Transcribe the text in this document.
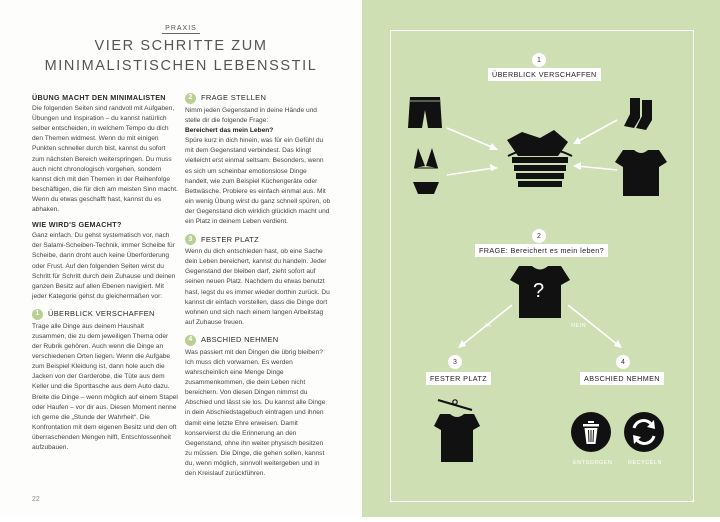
PRAXIS
VIER SCHRITTE ZUM
MINIMALISTISCHEN LEBENSSTIL
ÜBUNG MACHT DEN MINIMALISTEN

Die folgenden Seiten sind randvoll mit Aufgaben, Übungen und Inspiration – du kannst natürlich selber entscheiden, in welchem Tempo du dich den Themen widmest. Wenn du mit einigen Punkten schneller durch bist, kannst du sofort zum nächsten Bereich weiterspringen. Du muss auch nicht chronologisch vorgehen, sondern kannst dich mit den Themen in der Reihenfolge beschäftigen, die für dich am meisten Sinn macht. Wenn du etwas geschafft hast, kannst du es abhaken.

WIE WIRD'S GEMACHT?

Ganz einfach. Du gehst systematisch vor, nach der Salami-Scheiben-Technik, immer Scheibe für Scheibe, dann droht auch keine Überforderung oder Frust. Auf den folgenden Seiten wirst du Schritt für Schritt durch dein Zuhause und deinen ganzen Besitz auf allen Ebenen navigiert. Mit jeder Kategorie gehst du gleichermaßen vor:

1	ÜBERBLICK VERSCHAFFEN

Trage alle Dinge aus deinem Haushalt zusammen, die zu dem jeweiligen Thema oder der Rubrik gehören. Auch wenn die Dinge an verschiedenen Orten liegen. Wenn die Aufgabe zum Beispiel Kleidung ist, dann hole auch die Jacken von der Garderobe, die Tüte aus dem Keller und die Sporttasche aus dem Auto dazu. Breite die Dinge – wenn möglich auf einem Stapel oder Haufen – vor dir aus. Diesen Moment nenne ich gerne die „Stunde der Wahrheit“. Die Konfrontation mit dem eigenen Besitz und den oft überraschenden Mengen hilft, Entschlossenheit aufzubauen.

2	FRAGE STELLEN

Nimm jeden Gegenstand in deine Hände und stelle dir die folgende Frage:

Bereichert das mein Leben?

Spüre kurz in dich hinein, was für ein Gefühl du mit dem Gegenstand verbindest. Das klingt vielleicht erst einmal seltsam. Besonders, wenn es sich um scheinbar emotionslose Dinge handelt, wie zum Beispiel Küchengeräte oder Bettwäsche. Probiere es einfach einmal aus. Mit ein wenig Übung wirst du ganz schnell spüren, ob der Gegenstand dich wirklich glücklich macht und ein Platz in deinem Leben verdient.

3	FESTER PLATZ

Wenn du dich entschieden hast, ob eine Sache dein Leben bereichert, kannst du handeln. Jeder Gegenstand der bleiben darf, zieht sofort auf seinen neuen Platz. Nachdem du etwas benutzt hast, legst du es immer wieder dorthin zurück. Du kannst dir einfach vorstellen, dass die Dinge dort wohnen und sich nach einem langen Arbeitstag auf Zuhause freuen.

4	ABSCHIED NEHMEN

Was passiert mit den Dingen die übrig bleiben? Ich muss dich vorwarnen. Es werden wahrscheinlich eine Menge Dinge zusammenkommen, die dein Leben nicht bereichern. Von diesen Dingen nimmst du Abschied und lässt sie los. Du kannst alle Dinge in dein Abschiedstagebuch eintragen und ihnen damit eine letzte Ehre erweisen. Damit konservierst du die Erinnerung an den Gegenstand, ohne ihn weiter physisch besitzen zu müssen. Die Dinge, die gehen sollen, kannst du, wenn möglich, sinnvoll weitergeben und in den Kreislauf zurückführen.

22
1
ÜBERBLICK VERSCHAFFEN
2
FRAGE: Bereichert es mein leben?
?
JA	NEIN
3
FESTER PLATZ
4
ABSCHIED NEHMEN
ENTSORGEN	RECYCELN
